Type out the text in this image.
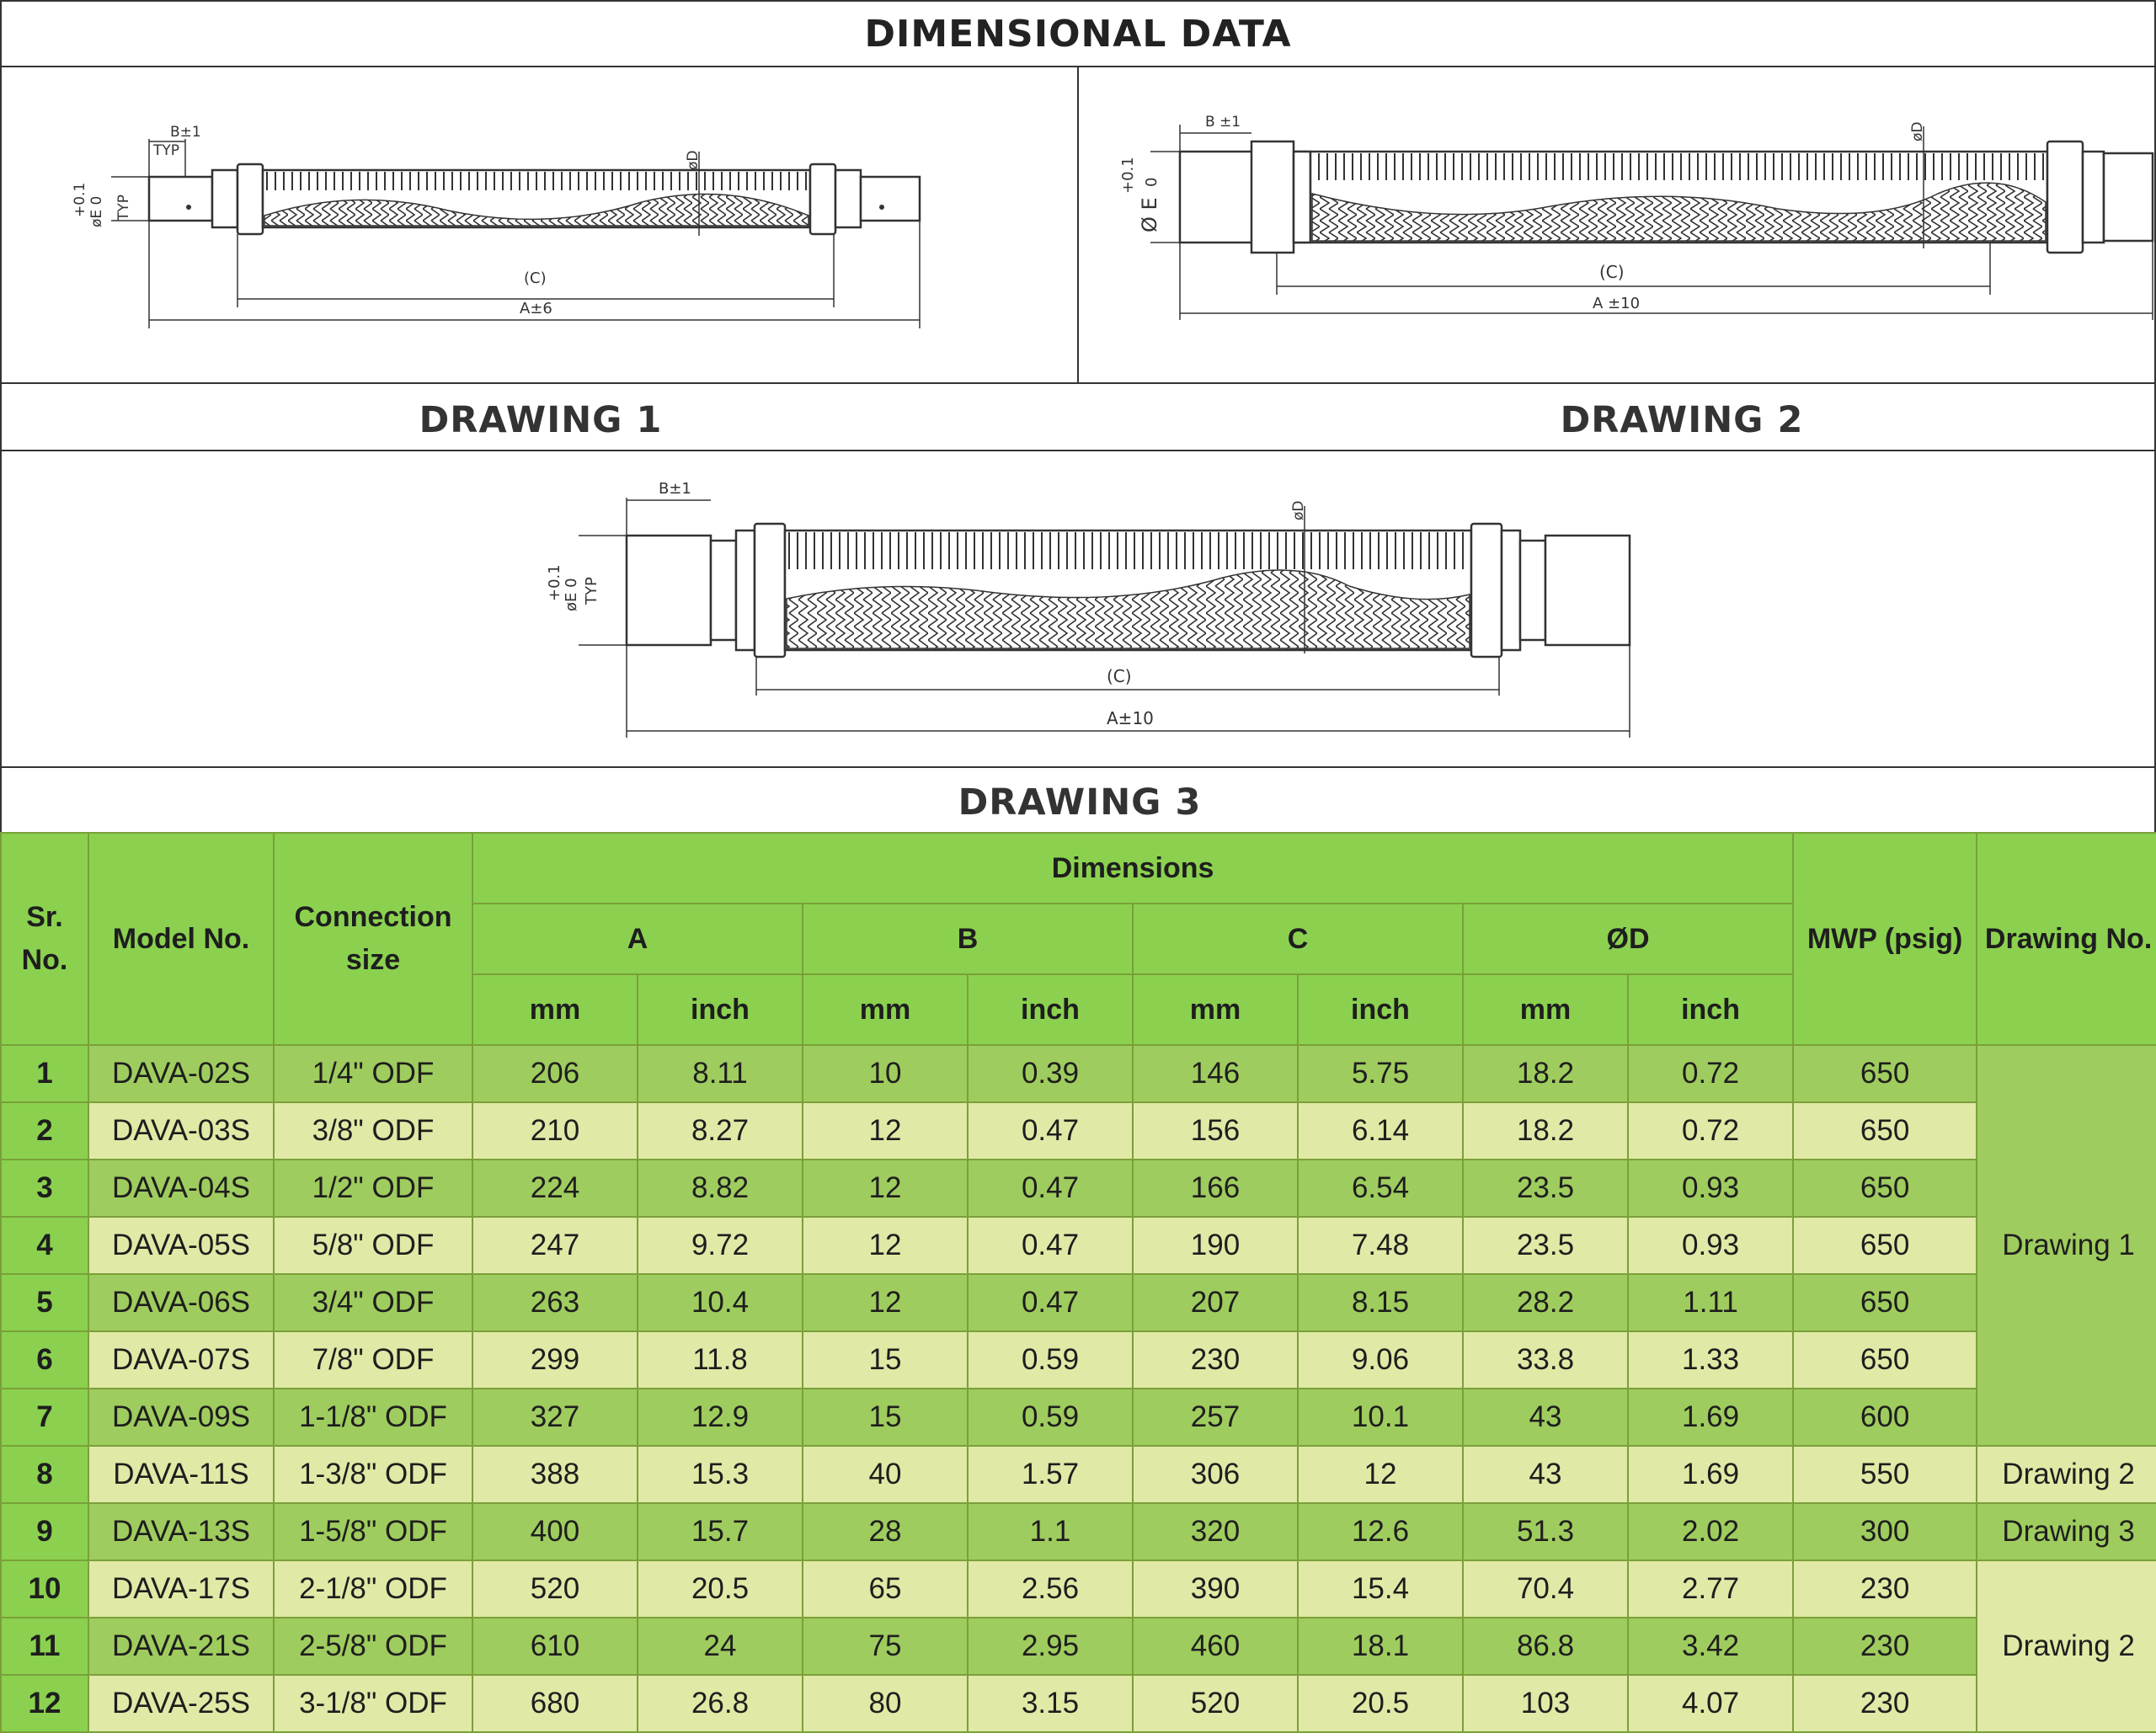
DIMENSIONAL DATA
B±1
TYP
+0.1 øE 0 TYP
øD
(C)
A±6
B ±1
+0.1
Ø E
0
øD
(C)
A ±10
DRAWING 1	DRAWING 2
B±1
+0.1 øE 0 TYP
øD
(C)
A±10
DRAWING 3
Sr. No.	Model No.	Connection size	Dimensions								MWP (psig)	Drawing No.
			A		B		C		ØD			
			mm	inch	mm	inch	mm	inch	mm	inch		
1	DAVA-02S	1/4" ODF	206	8.11	10	0.39	146	5.75	18.2	0.72	650	Drawing 1
2	DAVA-03S	3/8" ODF	210	8.27	12	0.47	156	6.14	18.2	0.72	650	
3	DAVA-04S	1/2" ODF	224	8.82	12	0.47	166	6.54	23.5	0.93	650	
4	DAVA-05S	5/8" ODF	247	9.72	12	0.47	190	7.48	23.5	0.93	650	
5	DAVA-06S	3/4" ODF	263	10.4	12	0.47	207	8.15	28.2	1.11	650	
6	DAVA-07S	7/8" ODF	299	11.8	15	0.59	230	9.06	33.8	1.33	650	
7	DAVA-09S	1-1/8" ODF	327	12.9	15	0.59	257	10.1	43	1.69	600	
8	DAVA-11S	1-3/8" ODF	388	15.3	40	1.57	306	12	43	1.69	550	Drawing 2
9	DAVA-13S	1-5/8" ODF	400	15.7	28	1.1	320	12.6	51.3	2.02	300	Drawing 3
10	DAVA-17S	2-1/8" ODF	520	20.5	65	2.56	390	15.4	70.4	2.77	230	Drawing 2
11	DAVA-21S	2-5/8" ODF	610	24	75	2.95	460	18.1	86.8	3.42	230	
12	DAVA-25S	3-1/8" ODF	680	26.8	80	3.15	520	20.5	103	4.07	230	
